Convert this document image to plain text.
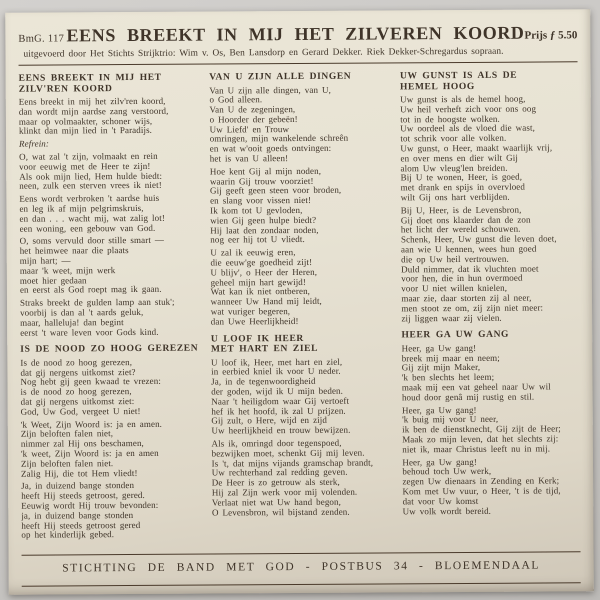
BmG. 117 EENS BREEKT IN MIJ HET ZILVEREN KOORD Prijs ƒ 5.50
uitgevoerd door Het Stichts Strijktrio: Wim v. Os, Ben Lansdorp en Gerard Dekker. Riek Dekker-Schregardus sopraan.
EENS BREEKT IN MIJ HET
ZILV'REN KOORD

Eens breekt in mij het zilv'ren koord,
dan wordt mijn aardse zang verstoord,
maar op volmaakter, schoner wijs,
klinkt dan mijn lied in 't Paradijs.

Refrein:

O, wat zal 't zijn, volmaakt en rein
voor eeuwig met de Heer te zijn!
Als ook mijn lied, Hem hulde biedt:
neen, zulk een sterven vrees ik niet!

Eens wordt verbroken 't aardse huis
en leg ik af mijn pelgrimskruis,
en dan . . . wacht mij, wat zalig lot!
een woning, een gebouw van God.

O, soms vervuld door stille smart —
het heimwee naar die plaats
mijn hart; —
maar 'k weet, mijn werk
moet hier gedaan
en eerst als God roept mag ik gaan.

Straks breekt de gulden lamp aan stuk';
voorbij is dan al 't aards geluk,
maar, halleluja! dan begint
eerst 't ware leven voor Gods kind.

IS DE NOOD ZO HOOG GEREZEN

Is de nood zo hoog gerezen,
dat gij nergens uitkomst ziet?
Nog hebt gij geen kwaad te vrezen:
is de nood zo hoog gerezen,
dat gij nergens uitkomst ziet:
God, Uw God, vergeet U niet!

'k Weet, Zijn Woord is: ja en amen.
Zijn beloften falen niet,
nimmer zal Hij ons beschamen,
'k weet, Zijn Woord is: ja en amen
Zijn beloften falen niet.
Zalig Hij, die tot Hem vliedt!

Ja, in duizend bange stonden
heeft Hij steeds getroost, gered.
Eeuwig wordt Hij trouw bevonden:
ja, in duizend bange stonden
heeft Hij steeds getroost gered
op het kinderlijk gebed.

VAN U ZIJN ALLE DINGEN

Van U zijn alle dingen, van U,
o God alleen.
Van U de zegeningen,
o Hoorder der gebeën!
Uw Liefd' en Trouw
omringen, mijn wankelende schreên
en wat w'ooit goeds ontvingen:
het is van U alleen!

Hoe kent Gij al mijn noden,
waarin Gij trouw voorziet!
Gij geeft geen steen voor broden,
en slang voor vissen niet!
Ik kom tot U gevloden,
wien Gij geen hulpe biedt?
Hij laat den zondaar noden,
nog eer hij tot U vliedt.

U zal ik eeuwig eren,
die eeuw'ge goedheid zijt!
U blijv', o Heer der Heren,
geheel mijn hart gewijd!
Wat kan ik niet ontberen,
wanneer Uw Hand mij leidt,
wat vuriger begeren,
dan Uwe Heerlijkheid!

U LOOF IK HEER
MET HART EN ZIEL

U loof ik, Heer, met hart en ziel,
in eerbied kniel ik voor U neder.
Ja, in de tegenwoordigheid
der goden, wijd ik U mijn beden.
Naar 't heiligdom waar Gij vertoeft
hef ik het hoofd, ik zal U prijzen.
Gij zult, o Here, wijd en zijd
Uw heerlijkheid en trouw bewijzen.

Als ik, omringd door tegenspoed,
bezwijken moet, schenkt Gij mij leven.
Is 't, dat mijns vijands gramschap brandt,
Uw rechterhand zal redding geven.
De Heer is zo getrouw als sterk,
Hij zal Zijn werk voor mij volenden.
Verlaat niet wat Uw hand begon,
O Levensbron, wil bijstand zenden.

UW GUNST IS ALS DE
HEMEL HOOG

Uw gunst is als de hemel hoog,
Uw heil verheft zich voor ons oog
tot in de hoogste wolken.
Uw oordeel als de vloed die wast,
tot schrik voor alle volken.
Uw gunst, o Heer, maakt waarlijk vrij,
en over mens en dier wilt Gij
alom Uw vleug'len breiden.
Bij U te wonen, Heer, is goed,
met drank en spijs in overvloed
wilt Gij ons hart verblijden.

Bij U, Heer, is de Levensbron,
Gij doet ons klaarder dan de zon
het licht der wereld schouwen.
Schenk, Heer, Uw gunst die leven doet,
aan wie U kennen, wees hun goed
die op Uw heil vertrouwen.
Duld nimmer, dat ik vluchten moet
voor hen, die in hun overmoed
voor U niet willen knielen,
maar zie, daar storten zij al neer,
men stoot ze om, zij zijn niet meer:
zij liggen waar zij vielen.

HEER GA UW GANG

Heer, ga Uw gang!
breek mij maar en neem;
Gij zijt mijn Maker,
'k ben slechts het leem;
maak mij een vat geheel naar Uw wil
houd door genâ mij rustig en stil.

Heer, ga Uw gang!
'k buig mij voor U neer,
ik ben de dienstknecht, Gij zijt de Heer;
Maak zo mijn leven, dat het slechts zij:
niet ik, maar Christus leeft nu in mij.

Heer, ga Uw gang!
behoud toch Uw werk,
zegen Uw dienaars in Zending en Kerk;
Kom met Uw vuur, o Heer, 't is de tijd,
dat voor Uw komst
Uw volk wordt bereid.

STICHTING DE BAND MET GOD - POSTBUS 34 - BLOEMENDAAL
